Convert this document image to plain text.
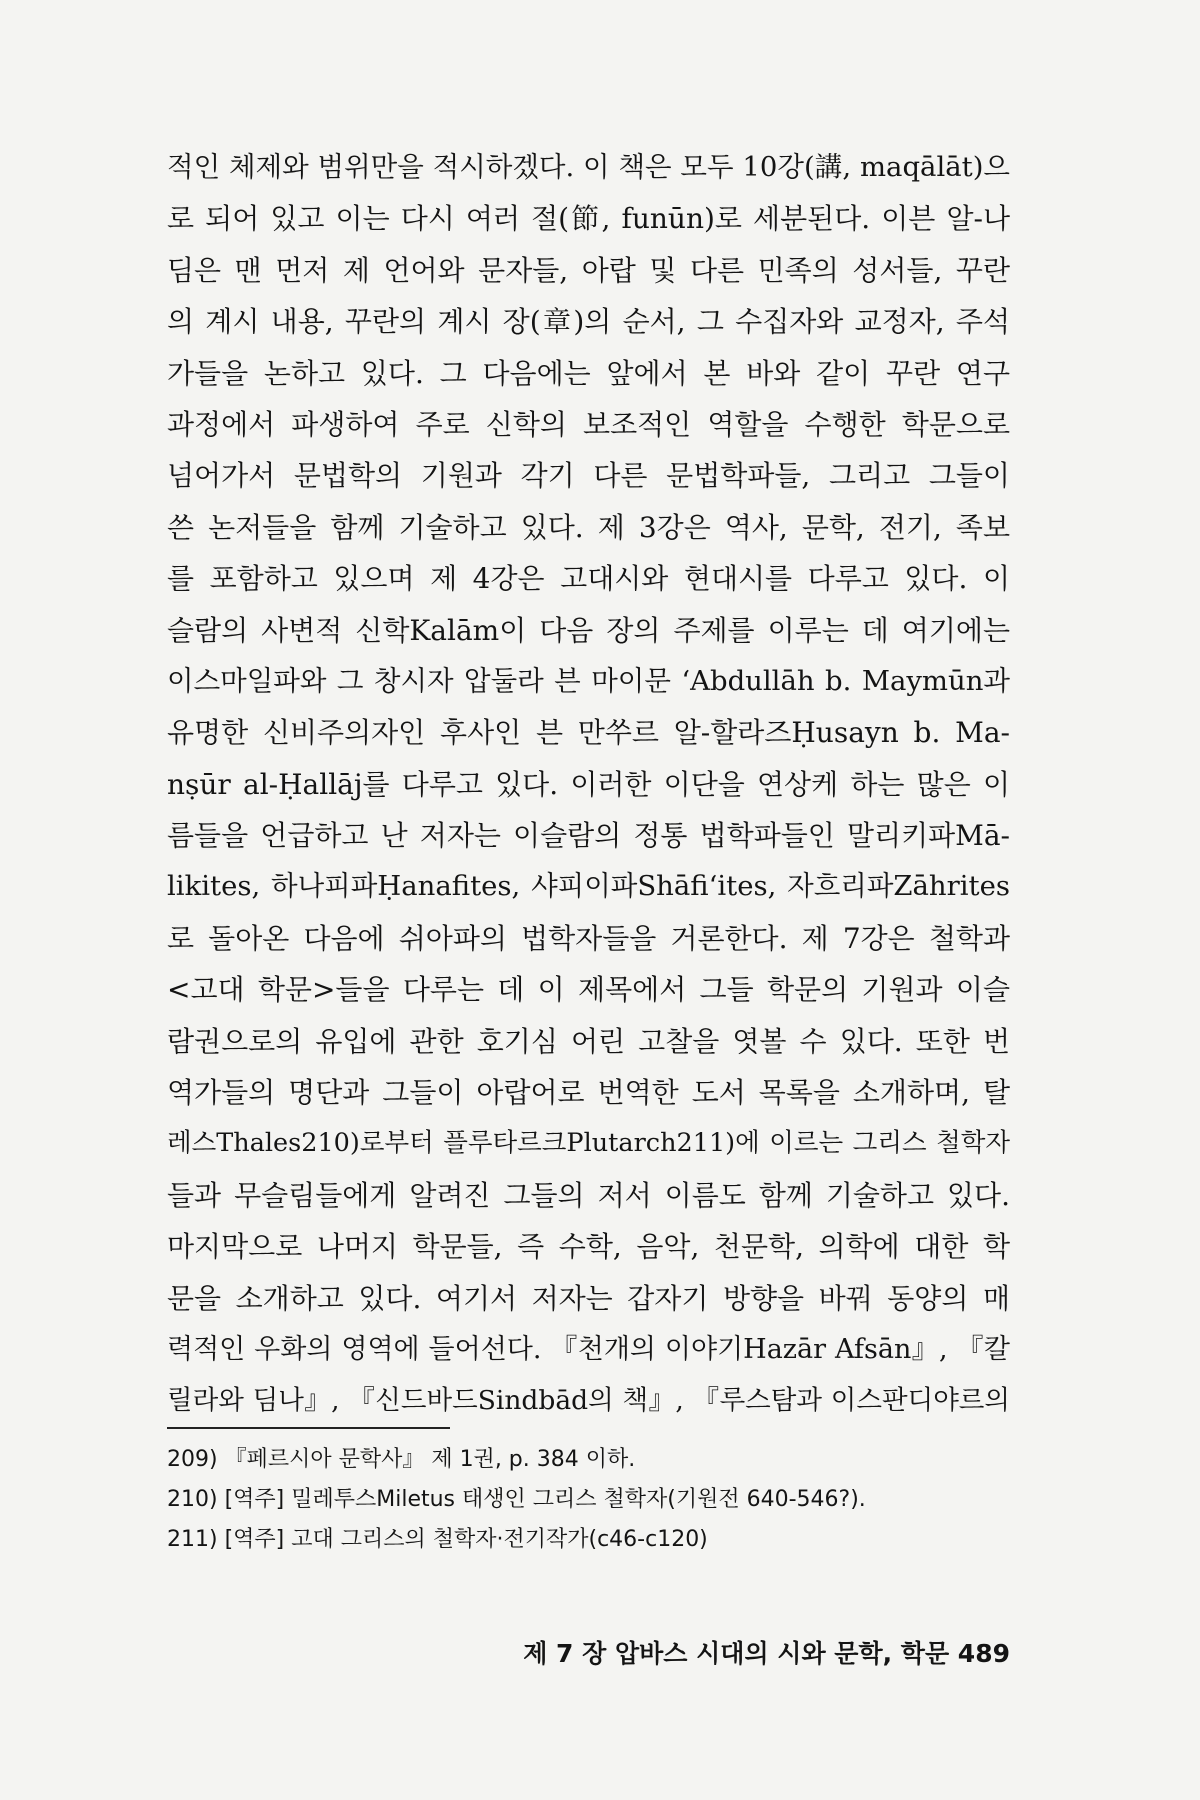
적인 체제와 범위만을 적시하겠다. 이 책은 모두 10강(講, maqālāt)으
로 되어 있고 이는 다시 여러 절(節, funūn)로 세분된다. 이븐 알-나
딤은 맨 먼저 제 언어와 문자들, 아랍 및 다른 민족의 성서들, 꾸란
의 계시 내용, 꾸란의 계시 장(章)의 순서, 그 수집자와 교정자, 주석
가들을 논하고 있다. 그 다음에는 앞에서 본 바와 같이 꾸란 연구
과정에서 파생하여 주로 신학의 보조적인 역할을 수행한 학문으로
넘어가서 문법학의 기원과 각기 다른 문법학파들, 그리고 그들이
쓴 논저들을 함께 기술하고 있다. 제 3강은 역사, 문학, 전기, 족보
를 포함하고 있으며 제 4강은 고대시와 현대시를 다루고 있다. 이
슬람의 사변적 신학Kalām이 다음 장의 주제를 이루는 데 여기에는
이스마일파와 그 창시자 압둘라 븐 마이문 ‘Abdullāh b. Maymūn과
유명한 신비주의자인 후사인 븐 만쑤르 알-할라즈Ḥusayn b. Ma-
nṣūr al-Ḥallāj를 다루고 있다. 이러한 이단을 연상케 하는 많은 이
름들을 언급하고 난 저자는 이슬람의 정통 법학파들인 말리키파Mā-
likites, 하나피파Ḥanafites, 샤피이파Shāfi‘ites, 자흐리파Zāhrites
로 돌아온 다음에 쉬아파의 법학자들을 거론한다. 제 7강은 철학과
<고대 학문>들을 다루는 데 이 제목에서 그들 학문의 기원과 이슬
람권으로의 유입에 관한 호기심 어린 고찰을 엿볼 수 있다. 또한 번
역가들의 명단과 그들이 아랍어로 번역한 도서 목록을 소개하며, 탈
레스Thales210)로부터 플루타르크Plutarch211)에 이르는 그리스 철학자
들과 무슬림들에게 알려진 그들의 저서 이름도 함께 기술하고 있다.
마지막으로 나머지 학문들, 즉 수학, 음악, 천문학, 의학에 대한 학
문을 소개하고 있다. 여기서 저자는 갑자기 방향을 바꿔 동양의 매
력적인 우화의 영역에 들어선다. 『천개의 이야기Hazār Afsān』, 『칼
릴라와 딤나』, 『신드바드Sindbād의 책』, 『루스탐과 이스판디야르의
209) 『페르시아 문학사』 제 1권, p. 384 이하.
210) [역주] 밀레투스Miletus 태생인 그리스 철학자(기원전 640-546?).
211) [역주] 고대 그리스의 철학자·전기작가(c46-c120)
제 7 장 압바스 시대의 시와 문학, 학문 489
